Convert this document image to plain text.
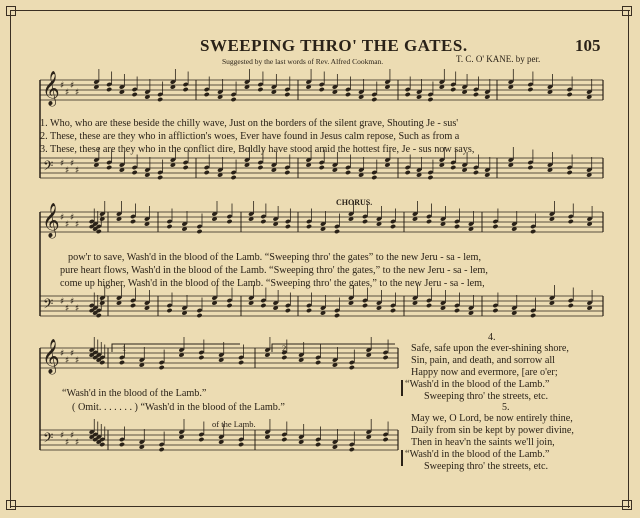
𝄞
𝄢
♯
♯
♯
♯
♯
♯
♯
♯
𝄞
𝄢
♯
♯
♯
♯
♯
♯
♯
♯
𝄞
𝄢
♯
♯
♯
♯
♯
♯
♯
♯
SWEEPING THRO' THE GATES.	105
Suggested by the last words of Rev. Alfred Cookman.	T. C. O' KANE. by per.
1. Who, who are these beside the chilly wave, Just on the borders of the silent grave, Shouting Je - sus'
2. These, these are they who in affliction's woes, Ever have found in Jesus calm repose, Such as from a
3. These, these are they who in the conflict dire, Boldly have stood amid the hottest fire, Je - sus now says,
CHORUS.
pow'r to save, Wash'd in the blood of the Lamb. “Sweeping thro' the gates” to the new Jeru - sa - lem,
pure heart flows, Wash'd in the blood of the Lamb. “Sweeping thro' the gates,” to the new Jeru - sa - lem,
come up higher, Wash'd in the blood of the Lamb. “Sweeping thro' the gates,” to the new Jeru - sa - lem,
1	2
“Wash'd in the blood of the Lamb.”
( Omit. . . . . . . ) “Wash'd in the blood of the Lamb.”
of the Lamb.
4.
Safe, safe upon the ever-shining shore,
Sin, pain, and death, and sorrow all
Happy now and evermore, [are o'er;
“Wash'd in the blood of the Lamb.”
Sweeping thro' the streets, etc.
5.
May we, O Lord, be now entirely thine,
Daily from sin be kept by power divine,
Then in heav'n the saints we'll join,
“Wash'd in the blood of the Lamb.”
Sweeping thro' the streets, etc.
